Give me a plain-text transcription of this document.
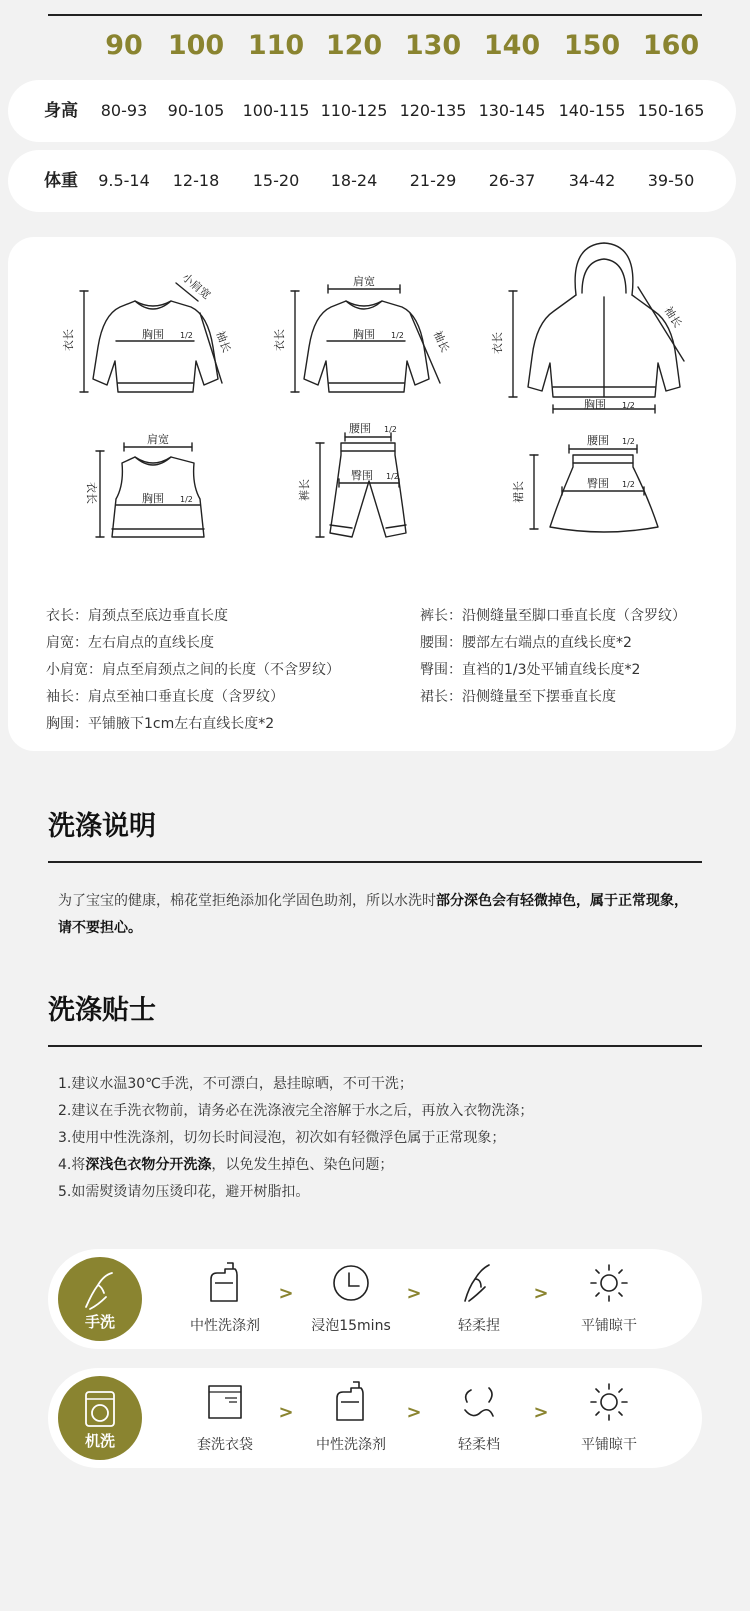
90 100 110 120 130 140 150 160
身高 80-93 90-105 100-115 110-125 120-135 130-145 140-155 150-165
体重 9.5-14 12-18 15-20 18-24 21-29 26-37 34-42 39-50
胸围 1/2	胸围 1/2
胸围 1/2
胸围 1/2
肩宽
肩宽
腰围 1/2
臀围 1/2
腰围 1/2
臀围 1/2
衣长	衣长	衣长
衣长	裤长	裙长
小肩宽
袖长	袖长
袖长
衣长：肩颈点至底边垂直长度
肩宽：左右肩点的直线长度
小肩宽：肩点至肩颈点之间的长度（不含罗纹）
袖长：肩点至袖口垂直长度（含罗纹）
胸围：平铺腋下1cm左右直线长度*2
裤长：沿侧缝量至脚口垂直长度（含罗纹）
腰围：腰部左右端点的直线长度*2
臀围：直裆的1/3处平铺直线长度*2
裙长：沿侧缝量至下摆垂直长度
洗涤说明
为了宝宝的健康，棉花堂拒绝添加化学固色助剂，所以水洗时部分深色会有轻微掉色，属于正常现象，请不要担心。
洗涤贴士
1.建议水温30℃手洗，不可漂白，悬挂晾晒，不可干洗；
2.建议在手洗衣物前，请务必在洗涤液完全溶解于水之后，再放入衣物洗涤；
3.使用中性洗涤剂，切勿长时间浸泡，初次如有轻微浮色属于正常现象；
4.将深浅色衣物分开洗涤，以免发生掉色、染色问题；
5.如需熨烫请勿压烫印花，避开树脂扣。
手洗	中性洗涤剂
>
浸泡15mins
>
轻柔捏
>
平铺晾干
机洗	套洗衣袋
>
中性洗涤剂
>
轻柔档
>
平铺晾干
